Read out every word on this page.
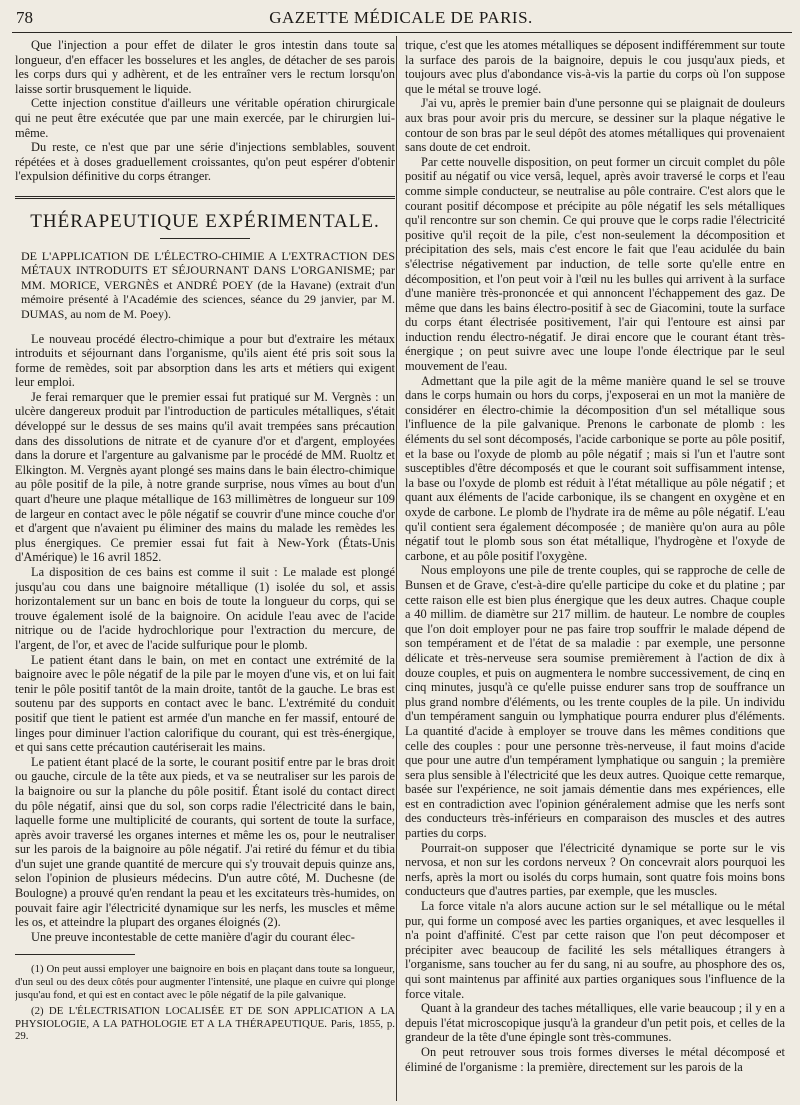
78	GAZETTE MÉDICALE DE PARIS.

Que l'injection a pour effet de dilater le gros intestin dans toute sa longueur, d'en effacer les bosselures et les angles, de détacher de ses parois les corps durs qui y adhèrent, et de les entraîner vers le rectum lorsqu'on laisse sortir brusquement le liquide.

Cette injection constitue d'ailleurs une véritable opération chirurgicale qui ne peut être exécutée que par une main exercée, par le chirurgien lui-même.

Du reste, ce n'est que par une série d'injections semblables, souvent répétées et à doses graduellement croissantes, qu'on peut espérer d'obtenir l'expulsion définitive du corps étranger.

THÉRAPEUTIQUE EXPÉRIMENTALE.

DE L'APPLICATION DE L'ÉLECTRO-CHIMIE A L'EXTRACTION DES MÉTAUX INTRODUITS ET SÉJOURNANT DANS L'ORGANISME; par MM. MORICE, VERGNÈS et ANDRÉ POEY (de la Havane) (extrait d'un mémoire présenté à l'Académie des sciences, séance du 29 janvier, par M. DUMAS, au nom de M. Poey).

Le nouveau procédé électro-chimique a pour but d'extraire les métaux introduits et séjournant dans l'organisme, qu'ils aient été pris soit sous la forme de remèdes, soit par absorption dans les arts et métiers qui exigent leur emploi.

Je ferai remarquer que le premier essai fut pratiqué sur M. Vergnès : un ulcère dangereux produit par l'introduction de particules métalliques, s'était développé sur le dessus de ses mains qu'il avait trempées sans précaution dans des dissolutions de nitrate et de cyanure d'or et d'argent, employées dans la dorure et l'argenture au galvanisme par le procédé de MM. Ruoltz et Elkington. M. Vergnès ayant plongé ses mains dans le bain électro-chimique au pôle positif de la pile, à notre grande surprise, nous vîmes au bout d'un quart d'heure une plaque métallique de 163 millimètres de longueur sur 109 de largeur en contact avec le pôle négatif se couvrir d'une mince couche d'or et d'argent que n'avaient pu éliminer des mains du malade les remèdes les plus énergiques. Ce premier essai fut fait à New-York (États-Unis d'Amérique) le 16 avril 1852.

La disposition de ces bains est comme il suit : Le malade est plongé jusqu'au cou dans une baignoire métallique (1) isolée du sol, et assis horizontalement sur un banc en bois de toute la longueur du corps, qui se trouve également isolé de la baignoire. On acidule l'eau avec de l'acide nitrique ou de l'acide hydrochlorique pour l'extraction du mercure, de l'argent, de l'or, et avec de l'acide sulfurique pour le plomb.

Le patient étant dans le bain, on met en contact une extrémité de la baignoire avec le pôle négatif de la pile par le moyen d'une vis, et on lui fait tenir le pôle positif tantôt de la main droite, tantôt de la gauche. Le bras est soutenu par des supports en contact avec le banc. L'extrémité du conduit positif que tient le patient est armée d'un manche en fer massif, entouré de linges pour diminuer l'action calorifique du courant, qui est très-énergique, et qui sans cette précaution cautériserait les mains.

Le patient étant placé de la sorte, le courant positif entre par le bras droit ou gauche, circule de la tête aux pieds, et va se neutraliser sur les parois de la baignoire ou sur la planche du pôle positif. Étant isolé du contact direct du pôle négatif, ainsi que du sol, son corps radie l'électricité dans le bain, laquelle forme une multiplicité de courants, qui sortent de toute la surface, après avoir traversé les organes internes et même les os, pour le neutraliser sur les parois de la baignoire au pôle négatif. J'ai retiré du fémur et du tibia d'un sujet une grande quantité de mercure qui s'y trouvait depuis quinze ans, selon l'opinion de plusieurs médecins. D'un autre côté, M. Duchesne (de Boulogne) a prouvé qu'en rendant la peau et les excitateurs très-humides, on pouvait faire agir l'électricité dynamique sur les nerfs, les muscles et même les os, et atteindre la plupart des organes éloignés (2).

Une preuve incontestable de cette manière d'agir du courant élec-

(1) On peut aussi employer une baignoire en bois en plaçant dans toute sa longueur, d'un seul ou des deux côtés pour augmenter l'intensité, une plaque en cuivre qui plonge jusqu'au fond, et qui est en contact avec le pôle négatif de la pile galvanique.

(2) DE L'ÉLECTRISATION LOCALISÉE ET DE SON APPLICATION A LA PHYSIOLOGIE, A LA PATHOLOGIE ET A LA THÉRAPEUTIQUE. Paris, 1855, p. 29.

trique, c'est que les atomes métalliques se déposent indifféremment sur toute la surface des parois de la baignoire, depuis le cou jusqu'aux pieds, et toujours avec plus d'abondance vis-à-vis la partie du corps où l'on suppose que le métal se trouve logé.

J'ai vu, après le premier bain d'une personne qui se plaignait de douleurs aux bras pour avoir pris du mercure, se dessiner sur la plaque négative le contour de son bras par le seul dépôt des atomes métalliques qui provenaient sans doute de cet endroit.

Par cette nouvelle disposition, on peut former un circuit complet du pôle positif au négatif ou vice versâ, lequel, après avoir traversé le corps et l'eau comme simple conducteur, se neutralise au pôle contraire. C'est alors que le courant positif décompose et précipite au pôle négatif les sels métalliques qu'il rencontre sur son chemin. Ce qui prouve que le corps radie l'électricité positive qu'il reçoit de la pile, c'est non-seulement la décomposition et précipitation des sels, mais c'est encore le fait que l'eau acidulée du bain s'électrise négativement par induction, de telle sorte qu'elle entre en décomposition, et l'on peut voir à l'œil nu les bulles qui arrivent à la surface d'une manière très-prononcée et qui annoncent l'échappement des gaz. De même que dans les bains électro-positif à sec de Giacomini, toute la surface du corps étant électrisée positivement, l'air qui l'entoure est ainsi par induction rendu électro-négatif. Je dirai encore que le courant étant très-énergique ; on peut suivre avec une loupe l'onde électrique par le seul mouvement de l'eau.

Admettant que la pile agit de la même manière quand le sel se trouve dans le corps humain ou hors du corps, j'exposerai en un mot la manière de considérer en électro-chimie la décomposition d'un sel métallique sous l'influence de la pile galvanique. Prenons le carbonate de plomb : les éléments du sel sont décomposés, l'acide carbonique se porte au pôle positif, et la base ou l'oxyde de plomb au pôle négatif ; mais si l'un et l'autre sont susceptibles d'être décomposés et que le courant soit suffisamment intense, la base ou l'oxyde de plomb est réduit à l'état métallique au pôle négatif ; et quant aux éléments de l'acide carbonique, ils se changent en oxygène et en oxyde de carbone. Le plomb de l'hydrate ira de même au pôle négatif. L'eau qu'il contient sera également décomposée ; de manière qu'on aura au pôle négatif tout le plomb sous son état métallique, l'hydrogène et l'oxyde de carbone, et au pôle positif l'oxygène.

Nous employons une pile de trente couples, qui se rapproche de celle de Bunsen et de Grave, c'est-à-dire qu'elle participe du coke et du platine ; par cette raison elle est bien plus énergique que les deux autres. Chaque couple a 40 millim. de diamètre sur 217 millim. de hauteur. Le nombre de couples que l'on doit employer pour ne pas faire trop souffrir le malade dépend de son tempérament et de l'état de sa maladie : par exemple, une personne délicate et très-nerveuse sera soumise premièrement à l'action de dix à douze couples, et puis on augmentera le nombre successivement, de cinq en cinq minutes, jusqu'à ce qu'elle puisse endurer sans trop de souffrance un plus grand nombre d'éléments, ou les trente couples de la pile. Un individu d'un tempérament sanguin ou lymphatique pourra endurer plus d'éléments. La quantité d'acide à employer se trouve dans les mêmes conditions que celle des couples : pour une personne très-nerveuse, il faut moins d'acide que pour une autre d'un tempérament lymphatique ou sanguin ; la première sera plus sensible à l'électricité que les deux autres. Quoique cette remarque, basée sur l'expérience, ne soit jamais démentie dans mes expériences, elle est en contradiction avec l'opinion généralement admise que les nerfs sont des conducteurs très-inférieurs en comparaison des muscles et des autres parties du corps.

Pourrait-on supposer que l'électricité dynamique se porte sur le vis nervosa, et non sur les cordons nerveux ? On concevrait alors pourquoi les nerfs, après la mort ou isolés du corps humain, sont quatre fois moins bons conducteurs que d'autres parties, par exemple, que les muscles.

La force vitale n'a alors aucune action sur le sel métallique ou le métal pur, qui forme un composé avec les parties organiques, et avec lesquelles il n'a point d'affinité. C'est par cette raison que l'on peut décomposer et précipiter avec beaucoup de facilité les sels métalliques étrangers à l'organisme, sans toucher au fer du sang, ni au soufre, au phosphore des os, qui sont maintenus par affinité aux parties organiques sous l'influence de la force vitale.

Quant à la grandeur des taches métalliques, elle varie beaucoup ; il y en a depuis l'état microscopique jusqu'à la grandeur d'un petit pois, et celles de la grandeur de la tête d'une épingle sont très-communes.

On peut retrouver sous trois formes diverses le métal décomposé et éliminé de l'organisme : la première, directement sur les parois de la
